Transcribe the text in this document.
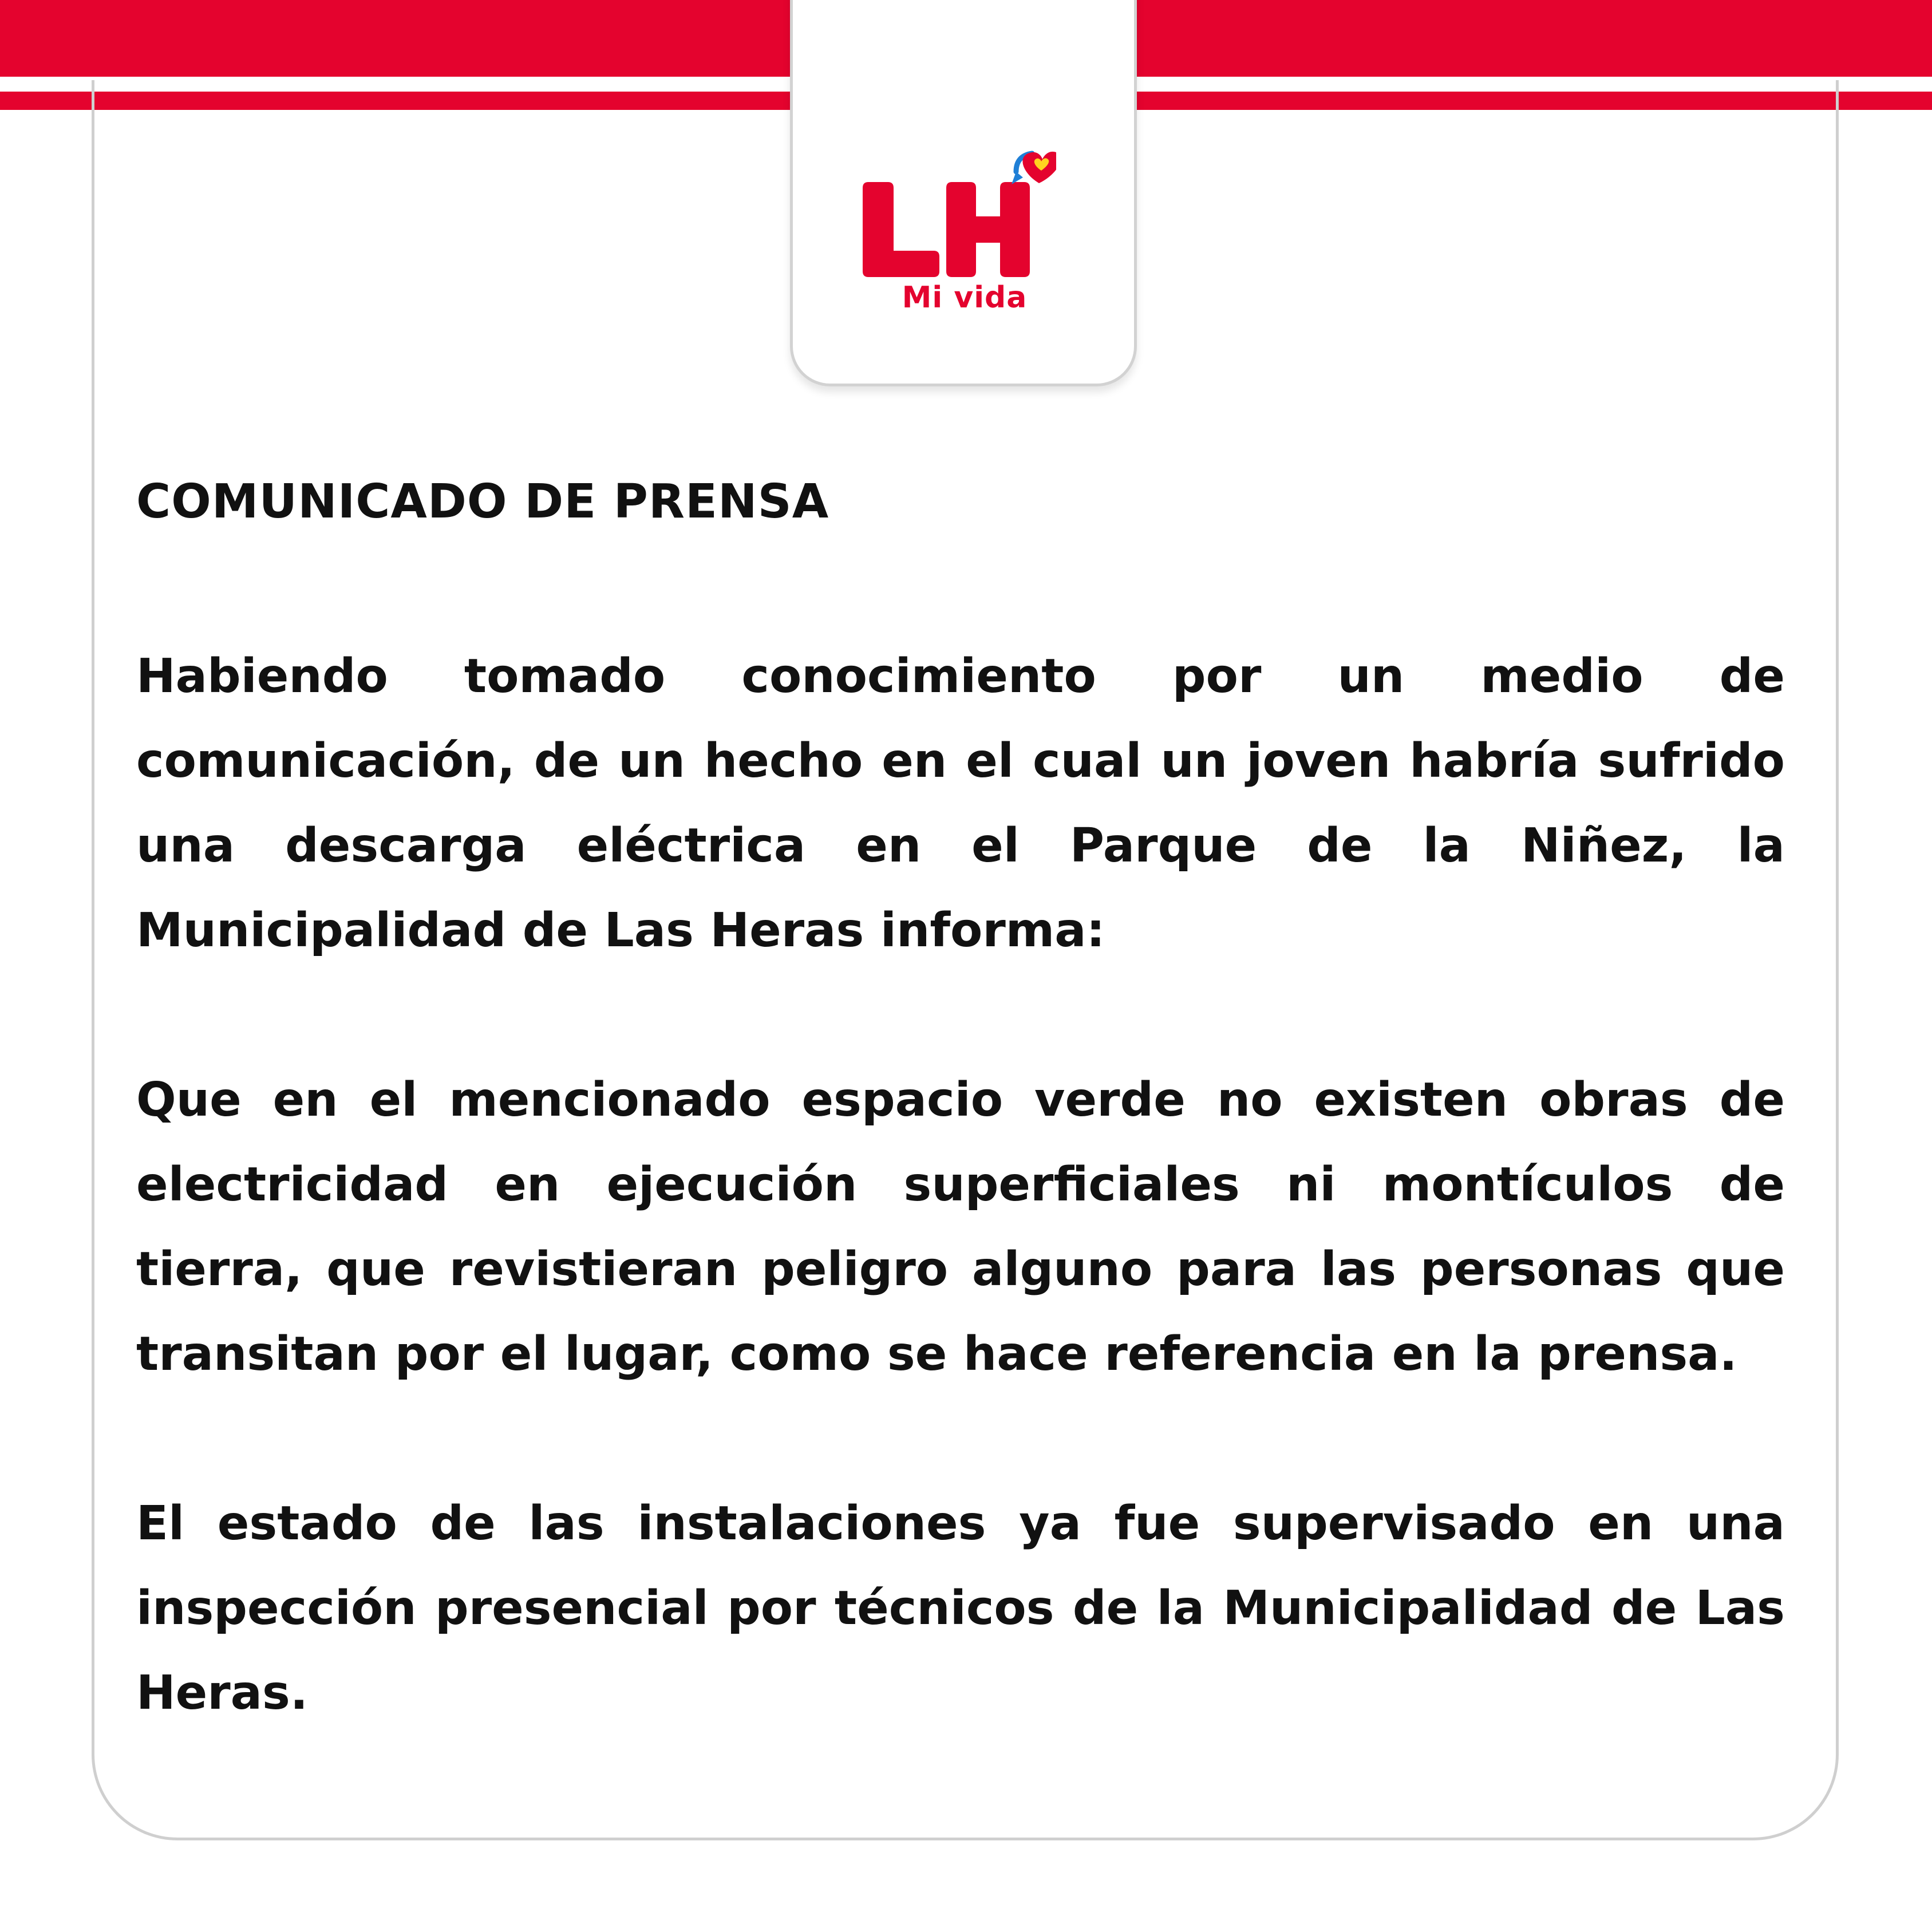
Mi vida
COMUNICADO DE PRENSA

Habiendo tomado conocimiento por un medio de comunicación, de un hecho en el cual un joven habría sufrido una descarga eléctrica en el Parque de la Niñez, la Municipalidad de Las Heras informa:

Que en el mencionado espacio verde no existen obras de electricidad en ejecución superficiales ni montículos de tierra, que revistieran peligro alguno para las personas que transitan por el lugar, como se hace referencia en la prensa.

El estado de las instalaciones ya fue supervisado en una inspección presencial por técnicos de la Municipalidad de Las Heras.
